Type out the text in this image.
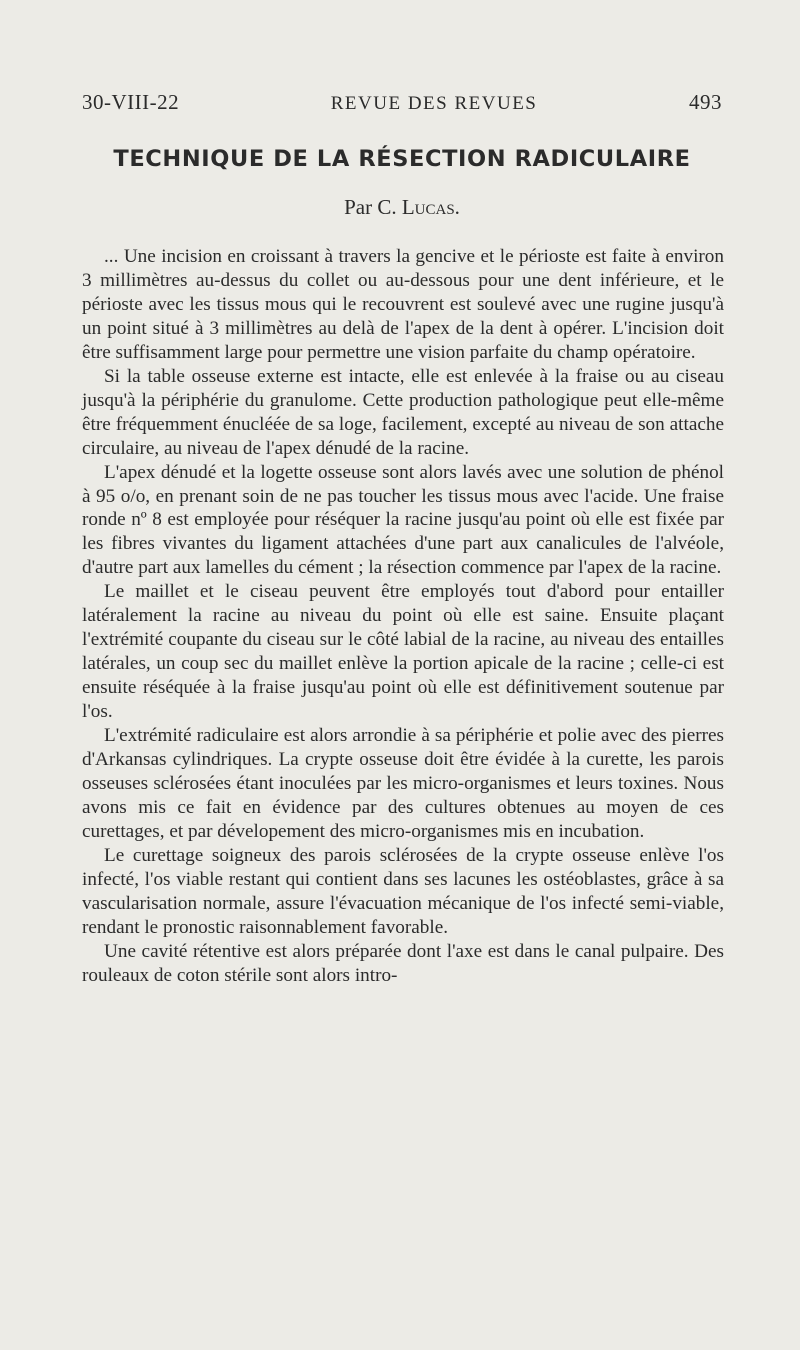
30-VIII-22	REVUE DES REVUES	493
TECHNIQUE DE LA RÉSECTION RADICULAIRE
Par C. Lucas.

... Une incision en croissant à travers la gencive et le périoste est faite à environ 3 millimètres au-dessus du collet ou au-dessous pour une dent inférieure, et le périoste avec les tissus mous qui le recouvrent est soulevé avec une rugine jusqu'à un point situé à 3 millimètres au delà de l'apex de la dent à opérer. L'incision doit être suffisamment large pour permettre une vision parfaite du champ opératoire.

Si la table osseuse externe est intacte, elle est enlevée à la fraise ou au ciseau jusqu'à la périphérie du granulome. Cette production pathologique peut elle-même être fréquemment énucléée de sa loge, facilement, excepté au niveau de son attache circulaire, au niveau de l'apex dénudé de la racine.

L'apex dénudé et la logette osseuse sont alors lavés avec une solution de phénol à 95 o/o, en prenant soin de ne pas toucher les tissus mous avec l'acide. Une fraise ronde nº 8 est employée pour réséquer la racine jusqu'au point où elle est fixée par les fibres vivantes du ligament attachées d'une part aux canalicules de l'alvéole, d'autre part aux lamelles du cément ; la résection commence par l'apex de la racine.

Le maillet et le ciseau peuvent être employés tout d'abord pour entailler latéralement la racine au niveau du point où elle est saine. Ensuite plaçant l'extrémité coupante du ciseau sur le côté labial de la racine, au niveau des entailles latérales, un coup sec du maillet enlève la portion apicale de la racine ; celle-ci est ensuite réséquée à la fraise jusqu'au point où elle est définitivement soutenue par l'os.

L'extrémité radiculaire est alors arrondie à sa périphérie et polie avec des pierres d'Arkansas cylindriques. La crypte osseuse doit être évidée à la curette, les parois osseuses sclérosées étant inoculées par les micro-organismes et leurs toxines. Nous avons mis ce fait en évidence par des cultures obtenues au moyen de ces curettages, et par dévelopement des micro-organismes mis en incubation.

Le curettage soigneux des parois sclérosées de la crypte osseuse enlève l'os infecté, l'os viable restant qui contient dans ses lacunes les ostéoblastes, grâce à sa vascularisation normale, assure l'évacuation mécanique de l'os infecté semi-viable, rendant le pronostic raisonnablement favorable.

Une cavité rétentive est alors préparée dont l'axe est dans le canal pulpaire. Des rouleaux de coton stérile sont alors intro-
